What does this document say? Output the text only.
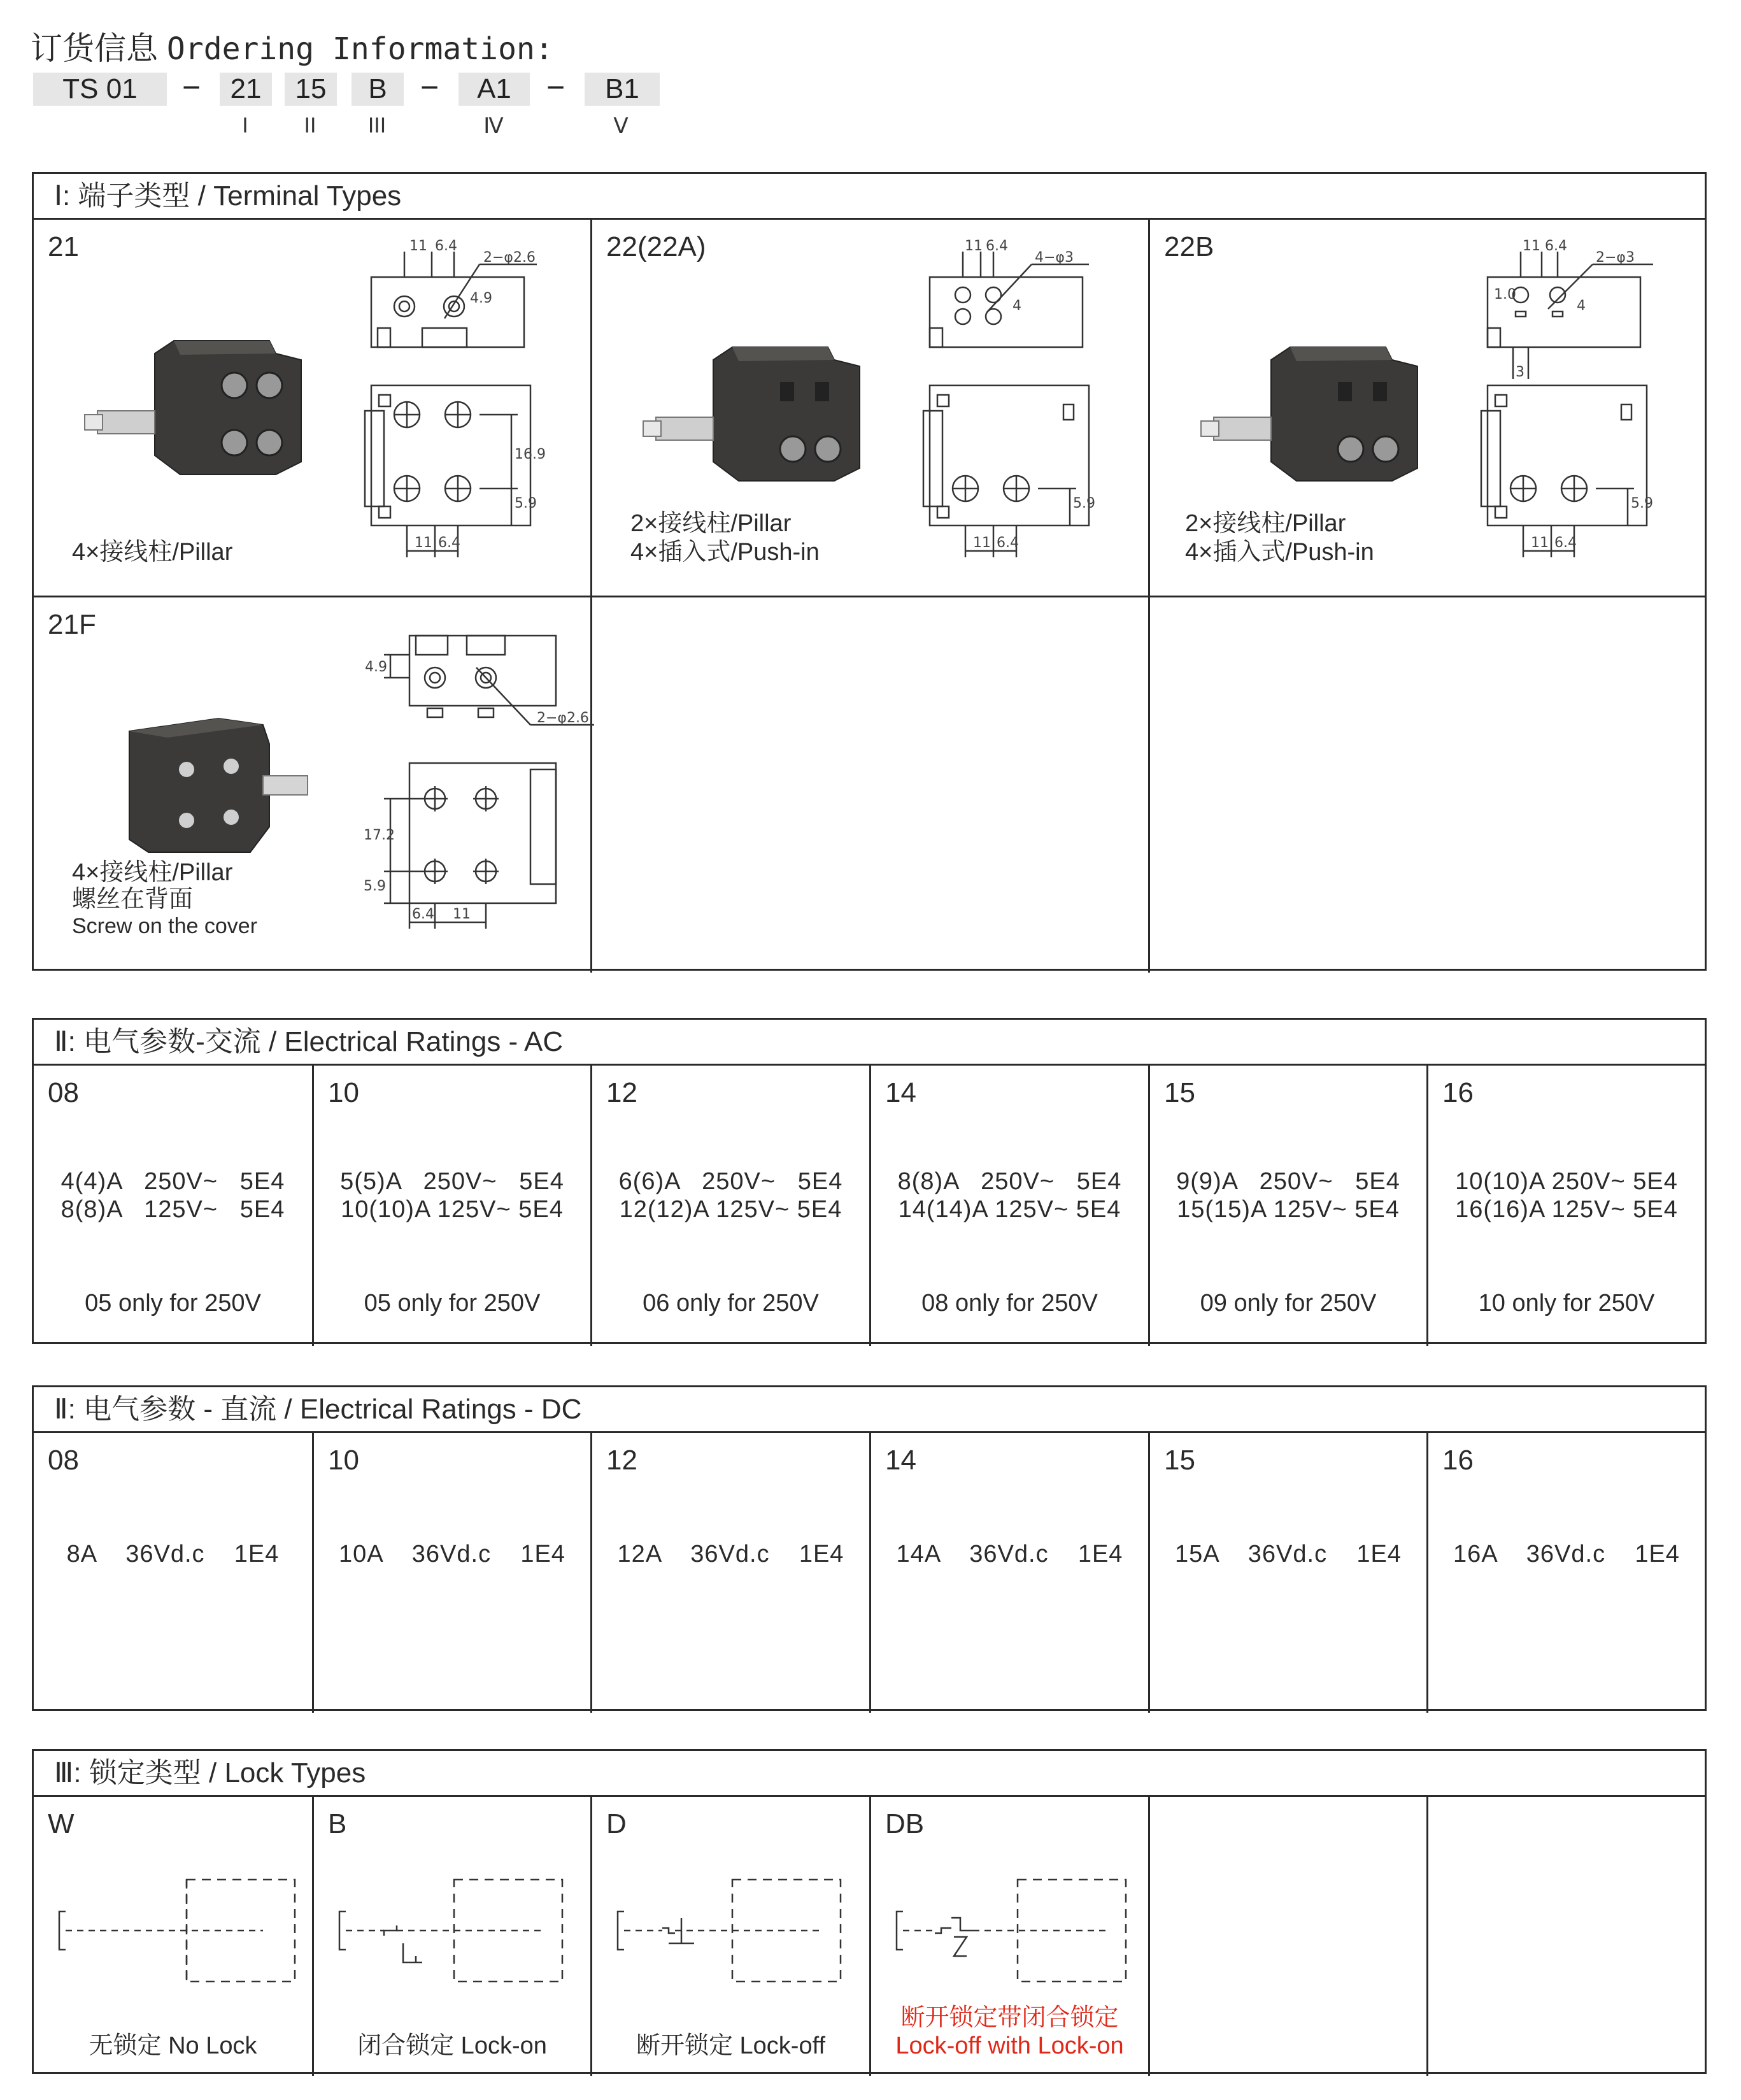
订货信息 Ordering Information:
TS 01	−	21	15	B	−	A1	−	B1
I	II	III	Ⅳ	Ⅴ
Ⅰ: 端子类型 / Terminal Types
21	11 6.4
2−φ2.6
4.9
16.9
5.9
11 6.4
4×接线柱/Pillar
22(22A)	11 6.4
4−φ3
4
5.9
11 6.4
2×接线柱/Pillar
4×插入式/Push-in
22B	11 6.4
2−φ3
1.0
4
3
5.9
11 6.4
2×接线柱/Pillar
4×插入式/Push-in
21F
4.9
2−φ2.6
17.2
5.9
6.4 11
4×接线柱/Pillar
螺丝在背面
Screw on the cover
Ⅱ: 电气参数-交流 / Electrical Ratings - AC
08
4(4)A   250V~   5E4
8(8)A   125V~   5E4
05 only for 250V
10
5(5)A   250V~   5E4
10(10)A 125V~ 5E4
05 only for 250V
12
6(6)A   250V~   5E4
12(12)A 125V~ 5E4
06 only for 250V
14
8(8)A   250V~   5E4
14(14)A 125V~ 5E4
08 only for 250V
15
9(9)A   250V~   5E4
15(15)A 125V~ 5E4
09 only for 250V
16
10(10)A 250V~ 5E4
16(16)A 125V~ 5E4
10 only for 250V
Ⅱ: 电气参数 - 直流 / Electrical Ratings - DC
08
8A    36Vd.c    1E4
10
10A    36Vd.c    1E4
12
12A    36Vd.c    1E4
14
14A    36Vd.c    1E4
15
15A    36Vd.c    1E4
16
16A    36Vd.c    1E4
Ⅲ: 锁定类型 / Lock Types
W
无锁定 No Lock
B
闭合锁定 Lock-on
D
断开锁定 Lock-off
DB
断开锁定带闭合锁定
Lock-off with Lock-on
